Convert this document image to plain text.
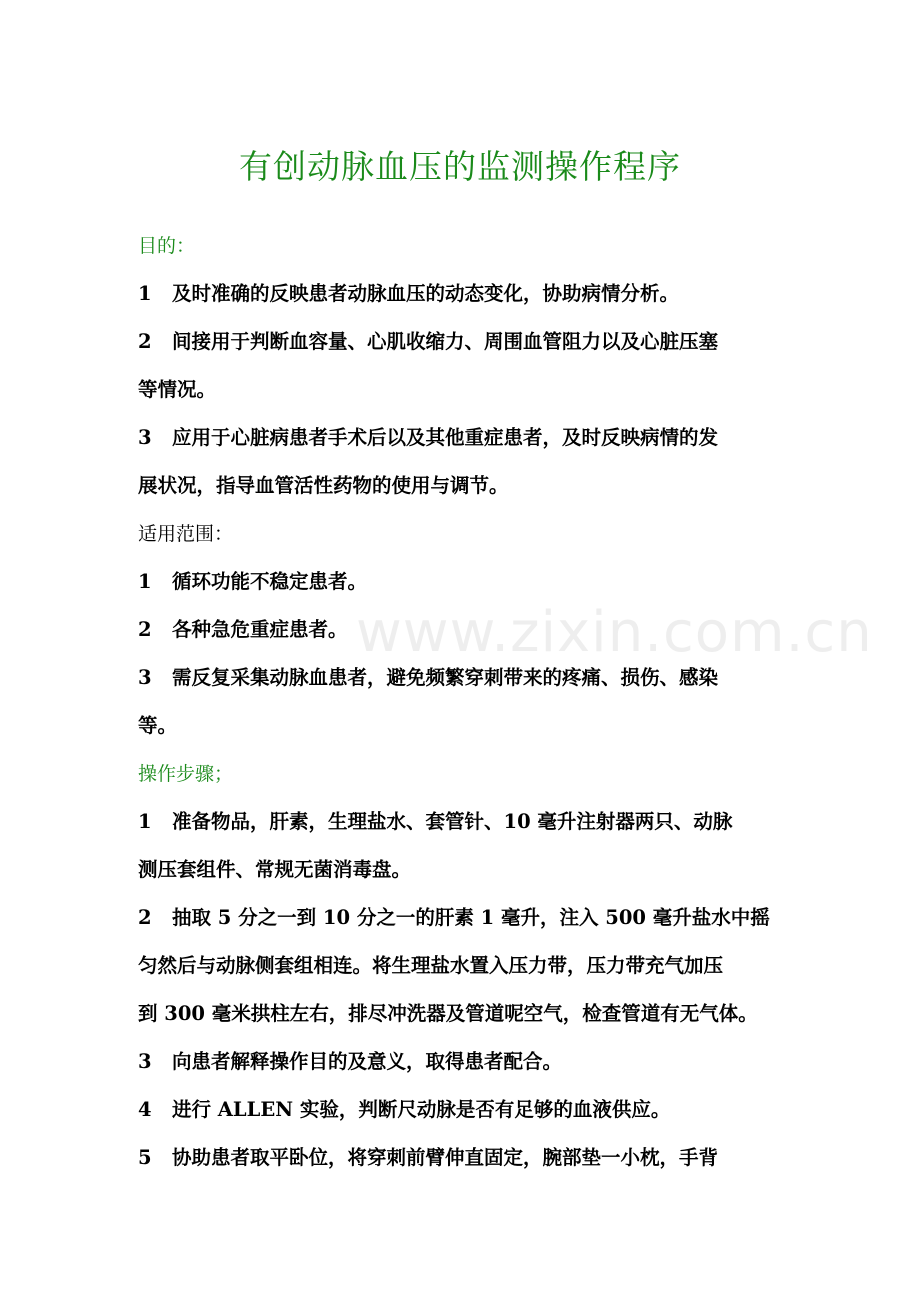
有创动脉血压的监测操作程序
目的：
1 及时准确的反映患者动脉血压的动态变化，协助病情分析。
2 间接用于判断血容量、心肌收缩力、周围血管阻力以及心脏压塞
等情况。
3 应用于心脏病患者手术后以及其他重症患者，及时反映病情的发
展状况，指导血管活性药物的使用与调节。
适用范围：
1 循环功能不稳定患者。
2 各种急危重症患者。
3 需反复采集动脉血患者，避免频繁穿刺带来的疼痛、损伤、感染
等。
操作步骤；
1 准备物品，肝素，生理盐水、套管针、10 毫升注射器两只、动脉
测压套组件、常规无菌消毒盘。
2 抽取 5 分之一到 10 分之一的肝素 1 毫升，注入 500 毫升盐水中摇
匀然后与动脉侧套组相连。将生理盐水置入压力带，压力带充气加压
到 300 毫米拱柱左右，排尽冲洗器及管道呢空气，检查管道有无气体。
3 向患者解释操作目的及意义，取得患者配合。
4 进行 ALLEN 实验，判断尺动脉是否有足够的血液供应。
5 协助患者取平卧位，将穿刺前臂伸直固定，腕部垫一小枕，手背
www.zixin.com.cn
